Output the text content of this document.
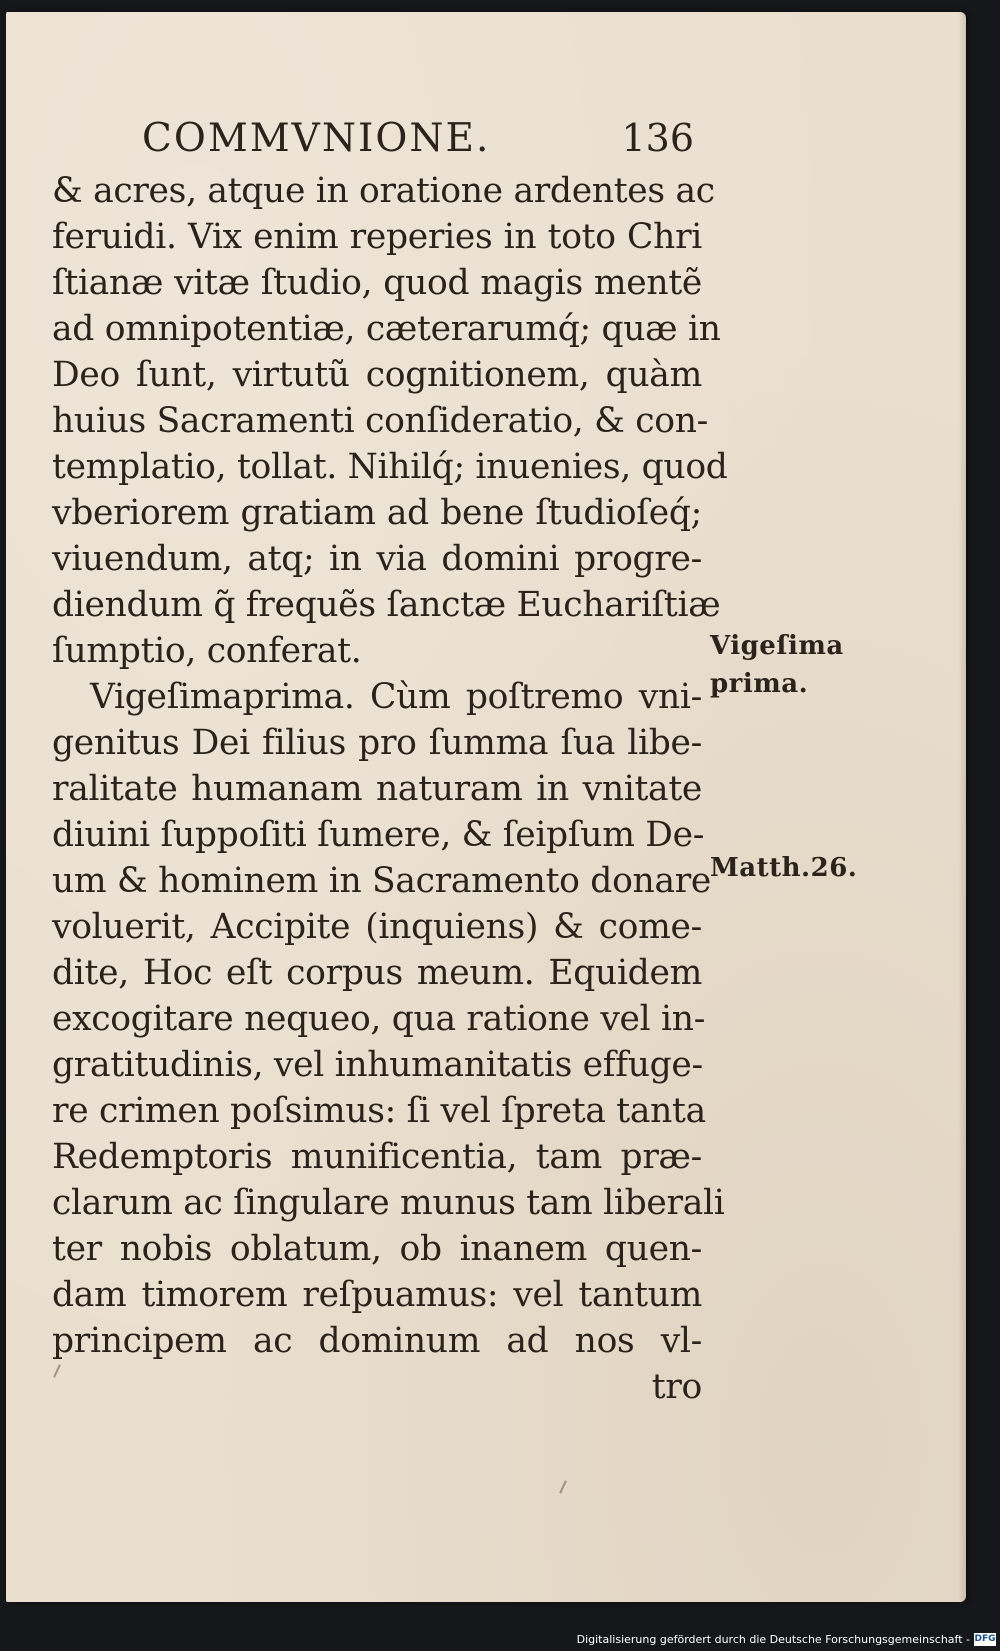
COMMVNIONE.	136
& acres, atque in oratione ardentes ac
feruidi. Vix enim reperies in toto Chri
ſtianæ vitæ ſtudio, quod magis mentẽ
ad omnipotentiæ, cæterarumq́; quæ in
Deo ſunt, virtutũ cognitionem, quàm
huius Sacramenti conſideratio, & con-
templatio, tollat. Nihilq́; inuenies, quod
vberiorem gratiam ad bene ſtudioſeq́;
viuendum, atq; in via domini progre-
diendum q̃ frequẽs ſanctæ Euchariſtiæ
ſumptio, conferat.
Vigeſimaprima. Cùm poſtremo vni-
genitus Dei filius pro ſumma ſua libe-
ralitate humanam naturam in vnitate
diuini ſuppoſiti ſumere, & ſeipſum De-
um & hominem in Sacramento donare
voluerit, Accipite (inquiens) & come-
dite, Hoc eſt corpus meum. Equidem
excogitare nequeo, qua ratione vel in-
gratitudinis, vel inhumanitatis effuge-
re crimen poſsimus: ſi vel ſpreta tanta
Redemptoris munificentia, tam præ-
clarum ac ſingulare munus tam liberali
ter nobis oblatum, ob inanem quen-
dam timorem reſpuamus: vel tantum
principem ac dominum ad nos vl-
tro
Vigeſima
prima.
Matth.26.
Digitalisierung gefördert durch die Deutsche Forschungsgemeinschaft - DFG
